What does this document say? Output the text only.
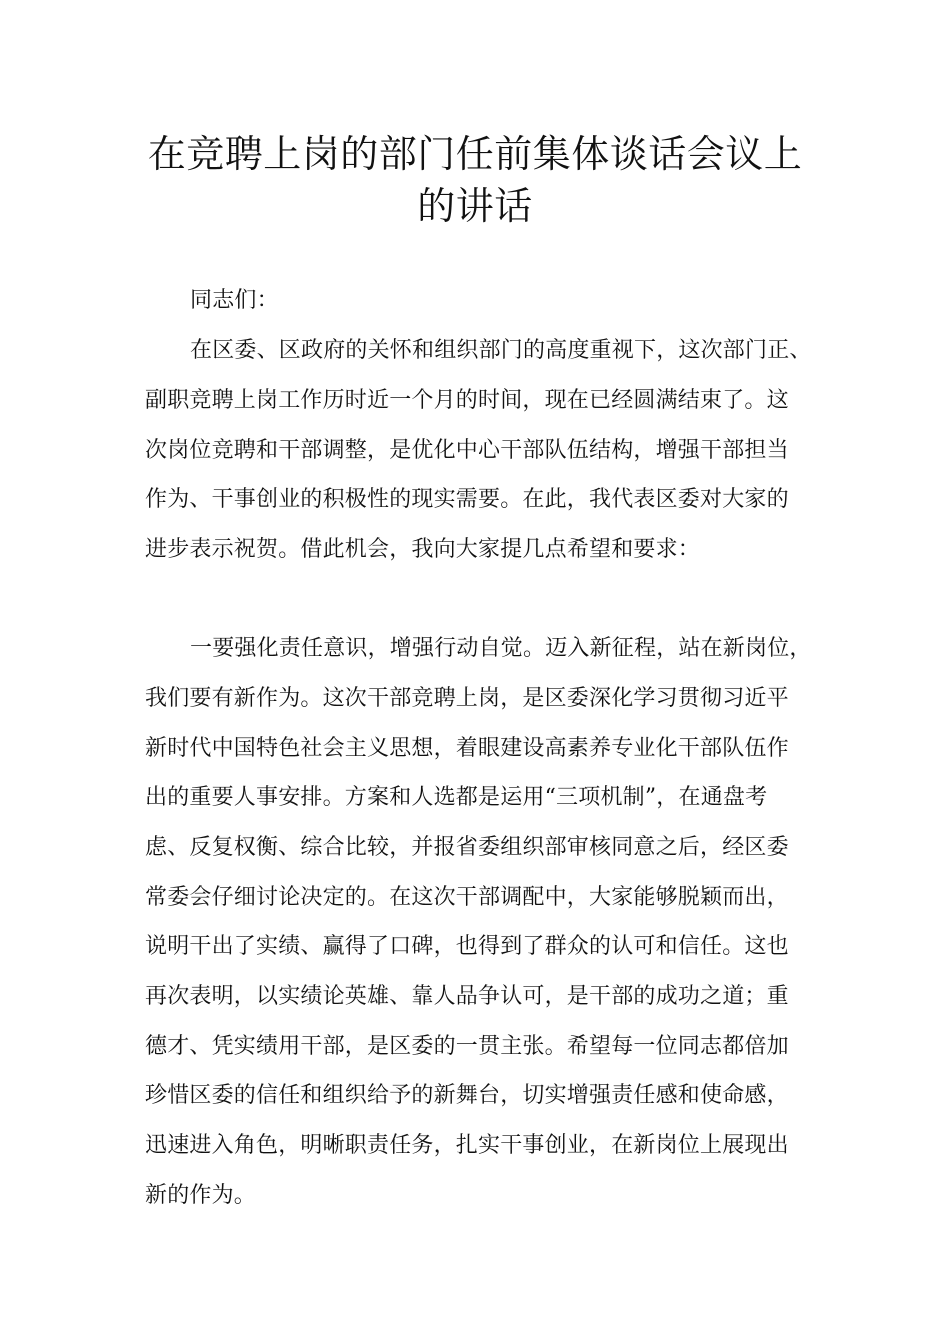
在竞聘上岗的部门任前集体谈话会议上
的讲话
同志们：
在区委、区政府的关怀和组织部门的高度重视下，这次部门正、
副职竞聘上岗工作历时近一个月的时间，现在已经圆满结束了。这
次岗位竞聘和干部调整，是优化中心干部队伍结构，增强干部担当
作为、干事创业的积极性的现实需要。在此，我代表区委对大家的
进步表示祝贺。借此机会，我向大家提几点希望和要求：
一要强化责任意识，增强行动自觉。迈入新征程，站在新岗位，
我们要有新作为。这次干部竞聘上岗，是区委深化学习贯彻习近平
新时代中国特色社会主义思想，着眼建设高素养专业化干部队伍作
出的重要人事安排。方案和人选都是运用“三项机制”，在通盘考
虑、反复权衡、综合比较，并报省委组织部审核同意之后，经区委
常委会仔细讨论决定的。在这次干部调配中，大家能够脱颖而出，
说明干出了实绩、赢得了口碑，也得到了群众的认可和信任。这也
再次表明，以实绩论英雄、靠人品争认可，是干部的成功之道；重
德才、凭实绩用干部，是区委的一贯主张。希望每一位同志都倍加
珍惜区委的信任和组织给予的新舞台，切实增强责任感和使命感，
迅速进入角色，明晰职责任务，扎实干事创业，在新岗位上展现出
新的作为。
